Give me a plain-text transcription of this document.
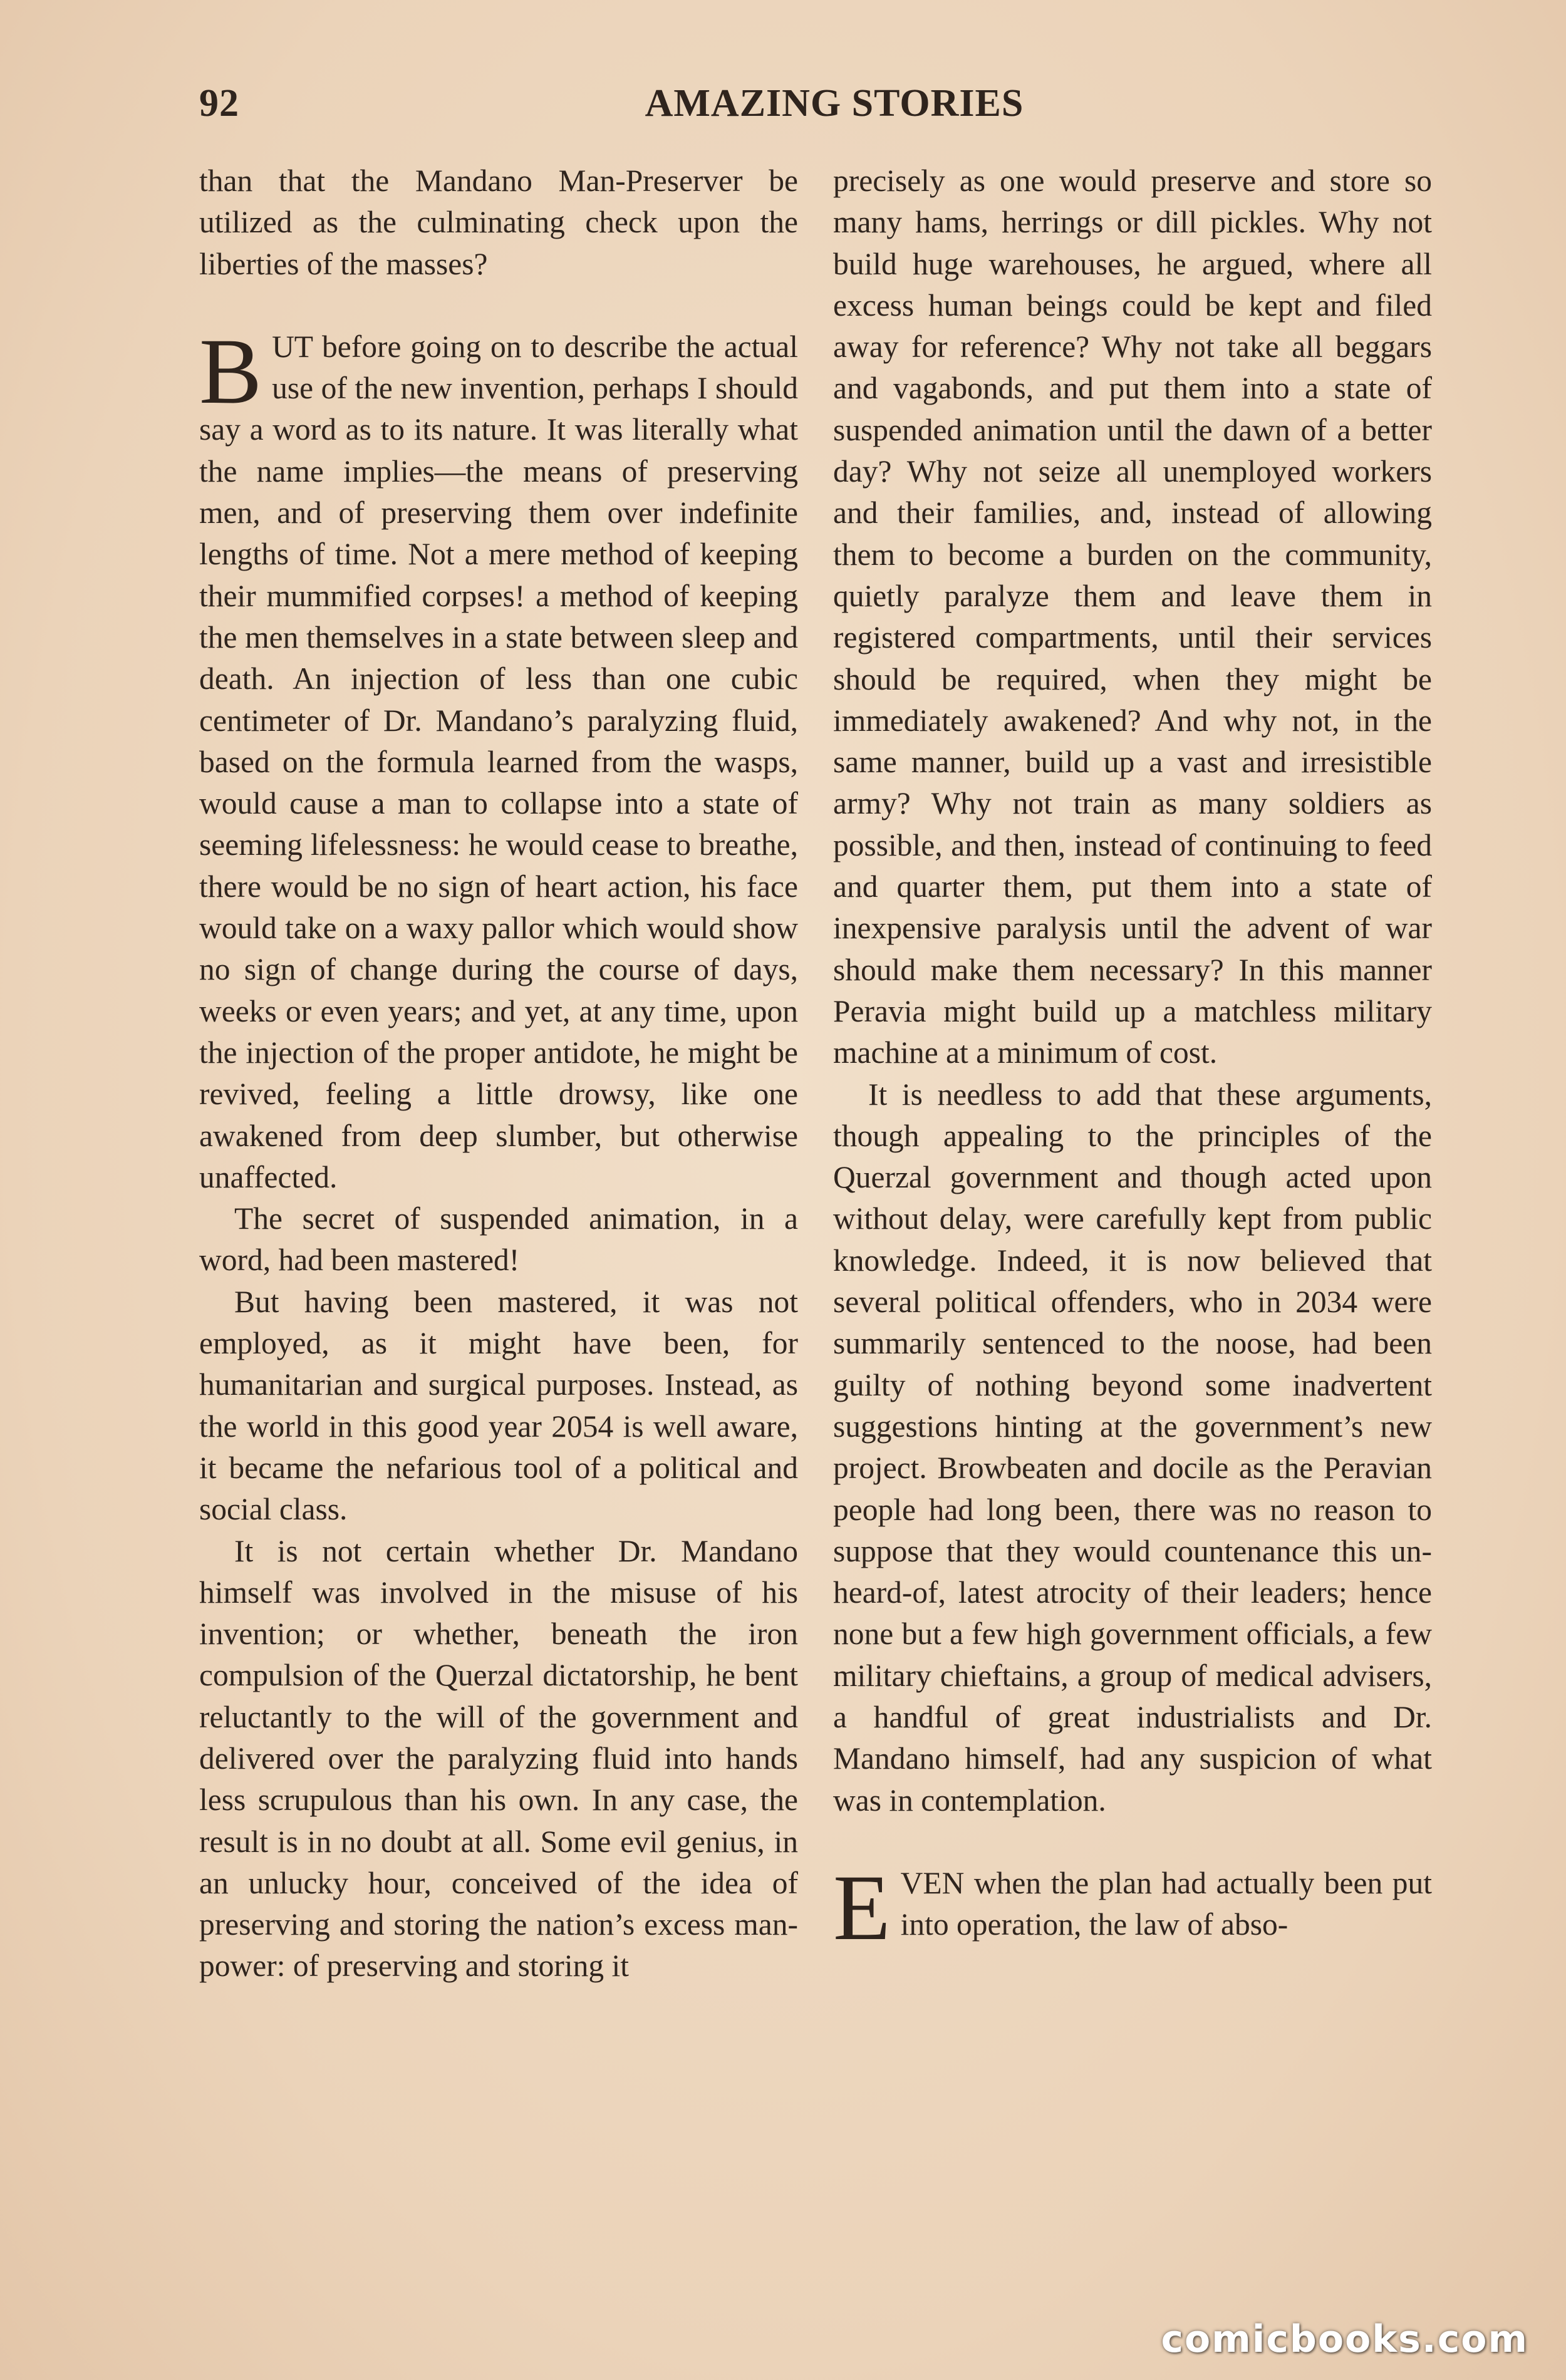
92	AMAZING STORIES

than that the Mandano Man-Preserver be utilized as the culminating check upon the liberties of the masses?

BUT before going on to describe the actual use of the new invention, perhaps I should say a word as to its nature. It was literally what the name implies—the means of preserving men, and of preserving them over indefinite lengths of time. Not a mere method of keeping their mummified corpses! a method of keeping the men themselves in a state between sleep and death. An injection of less than one cubic centimeter of Dr. Mandano’s paralyzing fluid, based on the formula learned from the wasps, would cause a man to collapse into a state of seeming lifelessness: he would cease to breathe, there would be no sign of heart action, his face would take on a waxy pallor which would show no sign of change during the course of days, weeks or even years; and yet, at any time, upon the injection of the proper antidote, he might be revived, feeling a little drowsy, like one awakened from deep slumber, but otherwise unaffected.

The secret of suspended animation, in a word, had been mastered!

But having been mastered, it was not employed, as it might have been, for humanitarian and surgical purposes. Instead, as the world in this good year 2054 is well aware, it became the nefarious tool of a political and social class.

It is not certain whether Dr. Mandano himself was involved in the misuse of his invention; or whether, beneath the iron compulsion of the Querzal dictatorship, he bent reluctantly to the will of the government and delivered over the paralyzing fluid into hands less scrupulous than his own. In any case, the result is in no doubt at all. Some evil genius, in an unlucky hour, conceived of the idea of preserving and storing the nation’s excess man-power: of preserving and storing it

precisely as one would preserve and store so many hams, herrings or dill pickles. Why not build huge warehouses, he argued, where all excess human beings could be kept and filed away for reference? Why not take all beggars and vagabonds, and put them into a state of suspended animation until the dawn of a better day? Why not seize all unemployed workers and their families, and, instead of allowing them to become a burden on the community, quietly paralyze them and leave them in registered compartments, until their services should be required, when they might be immediately awakened? And why not, in the same manner, build up a vast and irresistible army? Why not train as many soldiers as possible, and then, instead of continuing to feed and quarter them, put them into a state of inexpensive paralysis until the advent of war should make them necessary? In this manner Peravia might build up a matchless military machine at a minimum of cost.

It is needless to add that these arguments, though appealing to the principles of the Querzal government and though acted upon without delay, were carefully kept from public knowledge. Indeed, it is now believed that several political offenders, who in 2034 were summarily sentenced to the noose, had been guilty of nothing beyond some inadvertent suggestions hinting at the government’s new project. Browbeaten and docile as the Peravian people had long been, there was no reason to suppose that they would countenance this un-heard-of, latest atrocity of their leaders; hence none but a few high government officials, a few military chieftains, a group of medical advisers, a handful of great industrialists and Dr. Mandano himself, had any suspicion of what was in contemplation.

EVEN when the plan had actually been put into operation, the law of abso-

comicbooks.com
